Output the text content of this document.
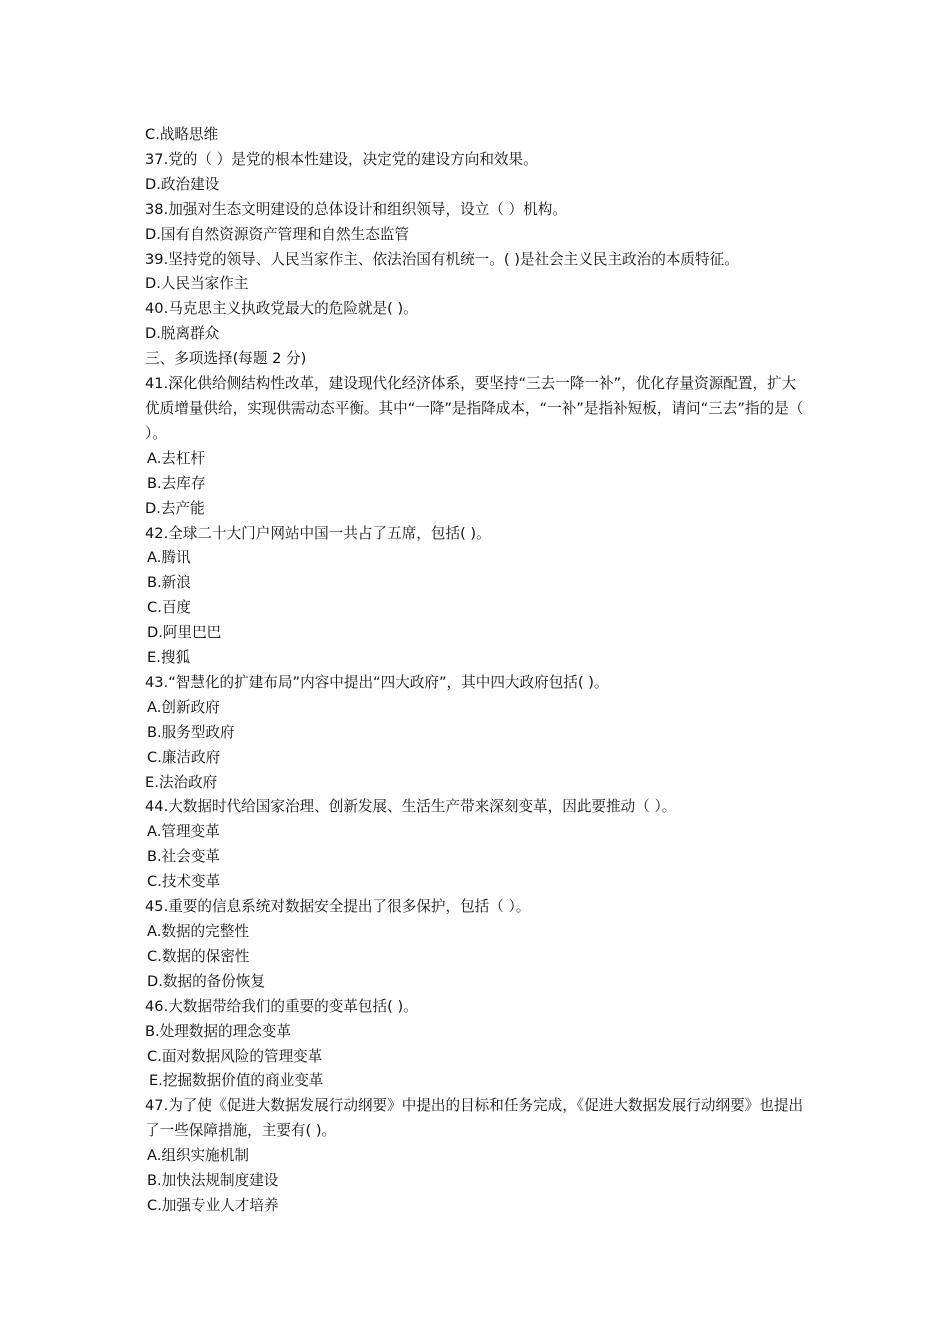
C.战略思维
37.党的（ ）是党的根本性建设，决定党的建设方向和效果。
D.政治建设
38.加强对生态文明建设的总体设计和组织领导，设立（ ）机构。
D.国有自然资源资产管理和自然生态监管
39.坚持党的领导、人民当家作主、依法治国有机统一。( )是社会主义民主政治的本质特征。
D.人民当家作主
40.马克思主义执政党最大的危险就是( )。
D.脱离群众
三、多项选择(每题 2 分)
41.深化供给侧结构性改革，建设现代化经济体系，要坚持“三去一降一补”，优化存量资源配置，扩大优质增量供给，实现供需动态平衡。其中“一降”是指降成本，“一补”是指补短板，请问“三去”指的是（ ）。
A.去杠杆
B.去库存
D.去产能
42.全球二十大门户网站中国一共占了五席，包括( )。
A.腾讯
B.新浪
C.百度
D.阿里巴巴
E.搜狐
43.“智慧化的扩建布局”内容中提出“四大政府”，其中四大政府包括( )。
A.创新政府
B.服务型政府
C.廉洁政府
E.法治政府
44.大数据时代给国家治理、创新发展、生活生产带来深刻变革，因此要推动（ ）。
A.管理变革
B.社会变革
C.技术变革
45.重要的信息系统对数据安全提出了很多保护，包括（ ）。
A.数据的完整性
C.数据的保密性
D.数据的备份恢复
46.大数据带给我们的重要的变革包括( )。
B.处理数据的理念变革
C.面对数据风险的管理变革
E.挖掘数据价值的商业变革
47.为了使《促进大数据发展行动纲要》中提出的目标和任务完成，《促进大数据发展行动纲要》也提出了一些保障措施，主要有( )。
A.组织实施机制
B.加快法规制度建设
C.加强专业人才培养
